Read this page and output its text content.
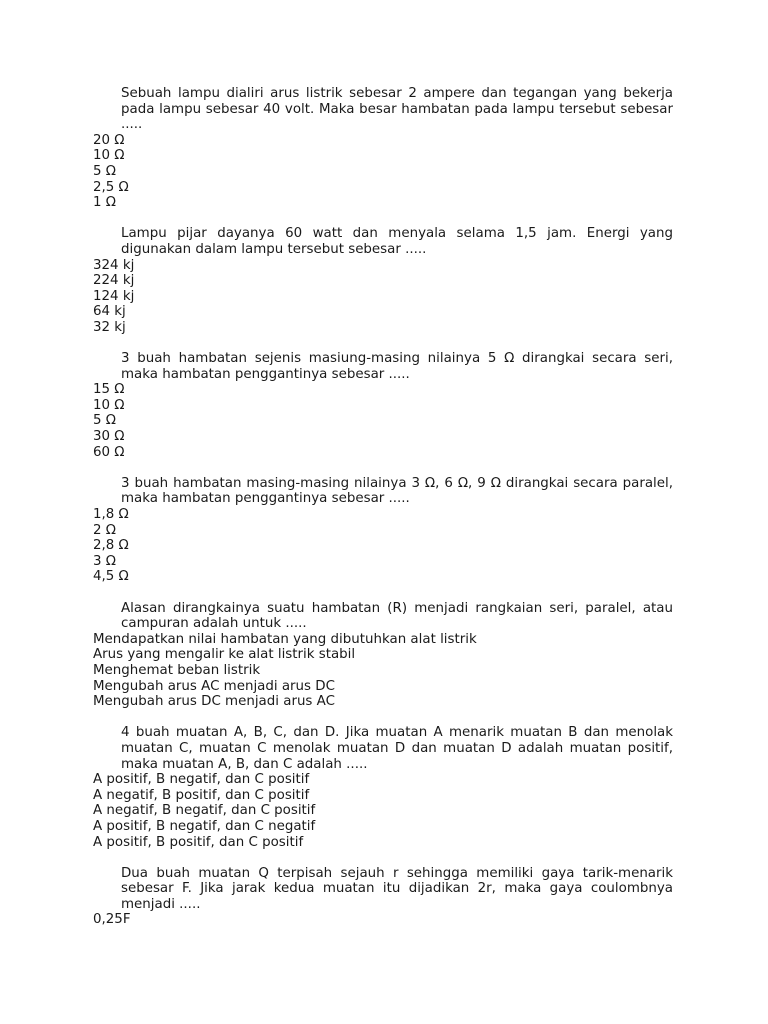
Sebuah lampu dialiri arus listrik sebesar 2 ampere dan tegangan yang bekerja pada lampu sebesar 40 volt. Maka besar hambatan pada lampu tersebut sebesar .....

20 Ω
10 Ω
5 Ω
2,5 Ω
1 Ω

Lampu pijar dayanya 60 watt dan menyala selama 1,5 jam. Energi yang digunakan dalam lampu tersebut sebesar .....

324 kj
224 kj
124 kj
64 kj
32 kj

3 buah hambatan sejenis masiung-masing nilainya 5 Ω dirangkai secara seri, maka hambatan penggantinya sebesar .....

15 Ω
10 Ω
5 Ω
30 Ω
60 Ω

3 buah hambatan masing-masing nilainya 3 Ω, 6 Ω, 9 Ω dirangkai secara paralel, maka hambatan penggantinya sebesar .....

1,8 Ω
2 Ω
2,8 Ω
3 Ω
4,5 Ω

Alasan dirangkainya suatu hambatan (R) menjadi rangkaian seri, paralel, atau campuran adalah untuk .....

Mendapatkan nilai hambatan yang dibutuhkan alat listrik
Arus yang mengalir ke alat listrik stabil
Menghemat beban listrik
Mengubah arus AC menjadi arus DC
Mengubah arus DC menjadi arus AC

4 buah muatan A, B, C, dan D. Jika muatan A menarik muatan B dan menolak muatan C, muatan C menolak muatan D dan muatan D adalah muatan positif, maka muatan A, B, dan C adalah .....

A positif, B negatif, dan C positif
A negatif, B positif, dan C positif
A negatif, B negatif, dan C positif
A positif, B negatif, dan C negatif
A positif, B positif, dan C positif

Dua buah muatan Q terpisah sejauh r sehingga memiliki gaya tarik-menarik sebesar F. Jika jarak kedua muatan itu dijadikan 2r, maka gaya coulombnya menjadi .....

0,25F
